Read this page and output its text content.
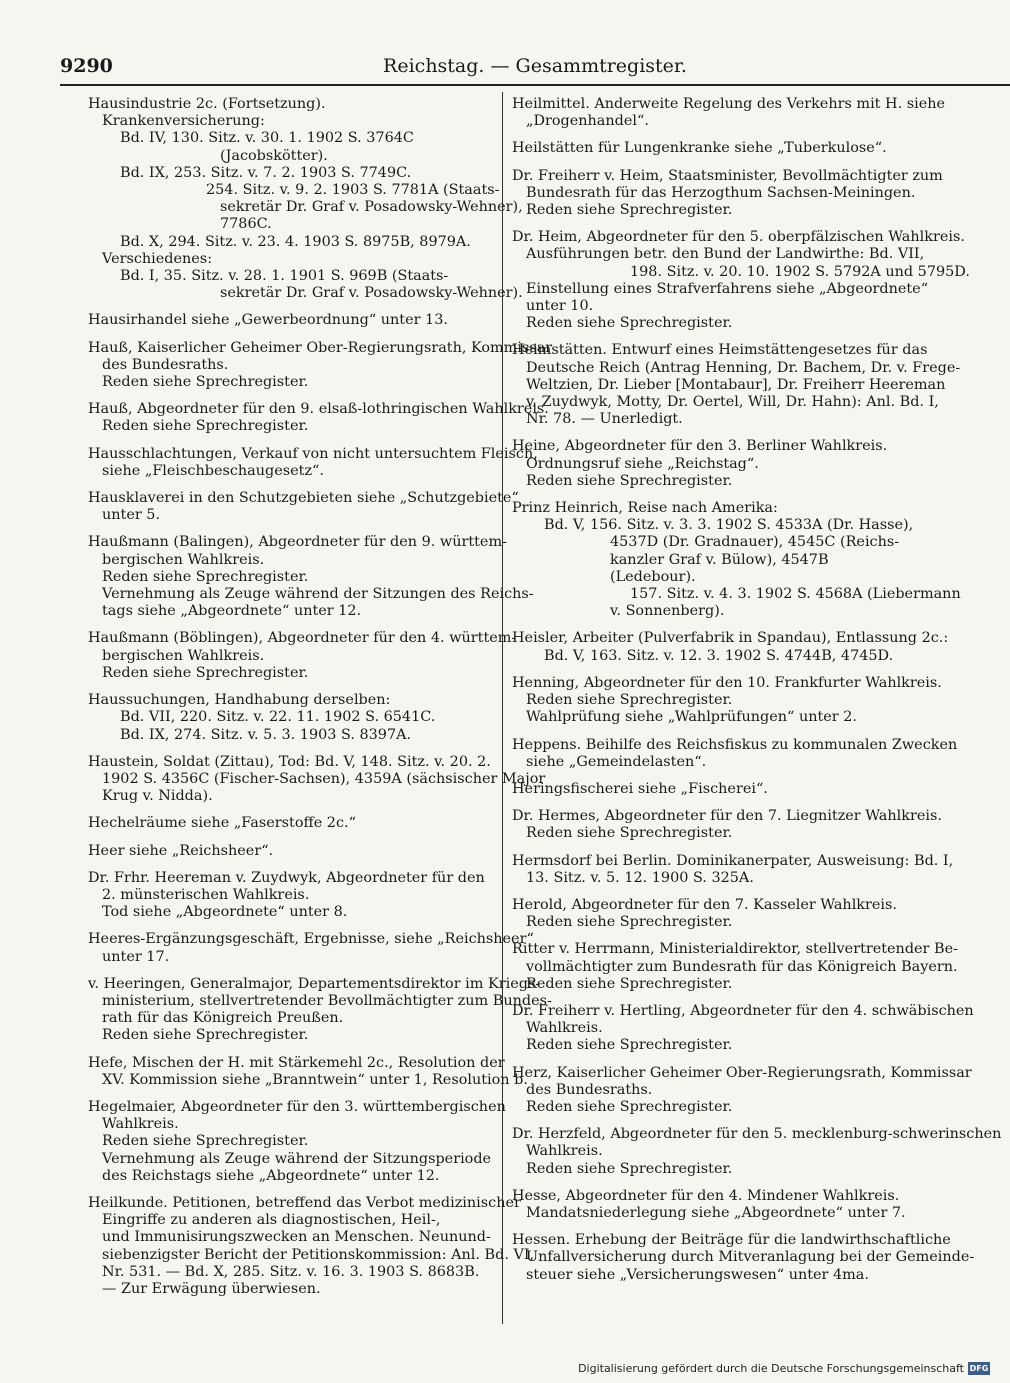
9290	Reichstag. — Gesammtregister.
Hausindustrie 2c. (Fortsetzung).
Krankenversicherung:
Bd. IV, 130. Sitz. v. 30. 1. 1902 S. 3764C
(Jacobskötter).
Bd. IX, 253. Sitz. v. 7. 2. 1903 S. 7749C.
254. Sitz. v. 9. 2. 1903 S. 7781A (Staats-
sekretär Dr. Graf v. Posadowsky-Wehner),
7786C.
Bd. X, 294. Sitz. v. 23. 4. 1903 S. 8975B, 8979A.
Verschiedenes:
Bd. I, 35. Sitz. v. 28. 1. 1901 S. 969B (Staats-
sekretär Dr. Graf v. Posadowsky-Wehner).
Hausirhandel siehe „Gewerbeordnung“ unter 13.
Hauß, Kaiserlicher Geheimer Ober-Regierungsrath, Kommissar
des Bundesraths.
Reden siehe Sprechregister.
Hauß, Abgeordneter für den 9. elsaß-lothringischen Wahlkreis.
Reden siehe Sprechregister.
Hausschlachtungen, Verkauf von nicht untersuchtem Fleisch,
siehe „Fleischbeschaugesetz“.
Hausklaverei in den Schutzgebieten siehe „Schutzgebiete“
unter 5.
Haußmann (Balingen), Abgeordneter für den 9. württem-
bergischen Wahlkreis.
Reden siehe Sprechregister.
Vernehmung als Zeuge während der Sitzungen des Reichs-
tags siehe „Abgeordnete“ unter 12.
Haußmann (Böblingen), Abgeordneter für den 4. württem-
bergischen Wahlkreis.
Reden siehe Sprechregister.
Haussuchungen, Handhabung derselben:
Bd. VII, 220. Sitz. v. 22. 11. 1902 S. 6541C.
Bd. IX, 274. Sitz. v. 5. 3. 1903 S. 8397A.
Haustein, Soldat (Zittau), Tod: Bd. V, 148. Sitz. v. 20. 2.
1902 S. 4356C (Fischer-Sachsen), 4359A (sächsischer Major
Krug v. Nidda).
Hechelräume siehe „Faserstoffe 2c.“
Heer siehe „Reichsheer“.
Dr. Frhr. Heereman v. Zuydwyk, Abgeordneter für den
2. münsterischen Wahlkreis.
Tod siehe „Abgeordnete“ unter 8.
Heeres-Ergänzungsgeschäft, Ergebnisse, siehe „Reichsheer“
unter 17.
v. Heeringen, Generalmajor, Departementsdirektor im Kriegs-
ministerium, stellvertretender Bevollmächtigter zum Bundes-
rath für das Königreich Preußen.
Reden siehe Sprechregister.
Hefe, Mischen der H. mit Stärkemehl 2c., Resolution der
XV. Kommission siehe „Branntwein“ unter 1, Resolution b.
Hegelmaier, Abgeordneter für den 3. württembergischen
Wahlkreis.
Reden siehe Sprechregister.
Vernehmung als Zeuge während der Sitzungsperiode
des Reichstags siehe „Abgeordnete“ unter 12.
Heilkunde. Petitionen, betreffend das Verbot medizinischer
Eingriffe zu anderen als diagnostischen, Heil-,
und Immunisirungszwecken an Menschen. Neunund-
siebenzigster Bericht der Petitionskommission: Anl. Bd. VI,
Nr. 531. — Bd. X, 285. Sitz. v. 16. 3. 1903 S. 8683B.
— Zur Erwägung überwiesen.
Heilmittel. Anderweite Regelung des Verkehrs mit H. siehe
„Drogenhandel“.
Heilstätten für Lungenkranke siehe „Tuberkulose“.
Dr. Freiherr v. Heim, Staatsminister, Bevollmächtigter zum
Bundesrath für das Herzogthum Sachsen-Meiningen.
Reden siehe Sprechregister.
Dr. Heim, Abgeordneter für den 5. oberpfälzischen Wahlkreis.
Ausführungen betr. den Bund der Landwirthe: Bd. VII,
198. Sitz. v. 20. 10. 1902 S. 5792A und 5795D.
Einstellung eines Strafverfahrens siehe „Abgeordnete“
unter 10.
Reden siehe Sprechregister.
Heimstätten. Entwurf eines Heimstättengesetzes für das
Deutsche Reich (Antrag Henning, Dr. Bachem, Dr. v. Frege-
Weltzien, Dr. Lieber [Montabaur], Dr. Freiherr Heereman
v. Zuydwyk, Motty, Dr. Oertel, Will, Dr. Hahn): Anl. Bd. I,
Nr. 78. — Unerledigt.
Heine, Abgeordneter für den 3. Berliner Wahlkreis.
Ordnungsruf siehe „Reichstag“.
Reden siehe Sprechregister.
Prinz Heinrich, Reise nach Amerika:
Bd. V, 156. Sitz. v. 3. 3. 1902 S. 4533A (Dr. Hasse),
4537D (Dr. Gradnauer), 4545C (Reichs-
kanzler Graf v. Bülow), 4547B
(Ledebour).
157. Sitz. v. 4. 3. 1902 S. 4568A (Liebermann
v. Sonnenberg).
Heisler, Arbeiter (Pulverfabrik in Spandau), Entlassung 2c.:
Bd. V, 163. Sitz. v. 12. 3. 1902 S. 4744B, 4745D.
Henning, Abgeordneter für den 10. Frankfurter Wahlkreis.
Reden siehe Sprechregister.
Wahlprüfung siehe „Wahlprüfungen“ unter 2.
Heppens. Beihilfe des Reichsfiskus zu kommunalen Zwecken
siehe „Gemeindelasten“.
Heringsfischerei siehe „Fischerei“.
Dr. Hermes, Abgeordneter für den 7. Liegnitzer Wahlkreis.
Reden siehe Sprechregister.
Hermsdorf bei Berlin. Dominikanerpater, Ausweisung: Bd. I,
13. Sitz. v. 5. 12. 1900 S. 325A.
Herold, Abgeordneter für den 7. Kasseler Wahlkreis.
Reden siehe Sprechregister.
Ritter v. Herrmann, Ministerialdirektor, stellvertretender Be-
vollmächtigter zum Bundesrath für das Königreich Bayern.
Reden siehe Sprechregister.
Dr. Freiherr v. Hertling, Abgeordneter für den 4. schwäbischen
Wahlkreis.
Reden siehe Sprechregister.
Herz, Kaiserlicher Geheimer Ober-Regierungsrath, Kommissar
des Bundesraths.
Reden siehe Sprechregister.
Dr. Herzfeld, Abgeordneter für den 5. mecklenburg-schwerinschen
Wahlkreis.
Reden siehe Sprechregister.
Hesse, Abgeordneter für den 4. Mindener Wahlkreis.
Mandatsniederlegung siehe „Abgeordnete“ unter 7.
Hessen. Erhebung der Beiträge für die landwirthschaftliche
Unfallversicherung durch Mitveranlagung bei der Gemeinde-
steuer siehe „Versicherungswesen“ unter 4ma.
Digitalisierung gefördert durch die Deutsche Forschungsgemeinschaft DFG
